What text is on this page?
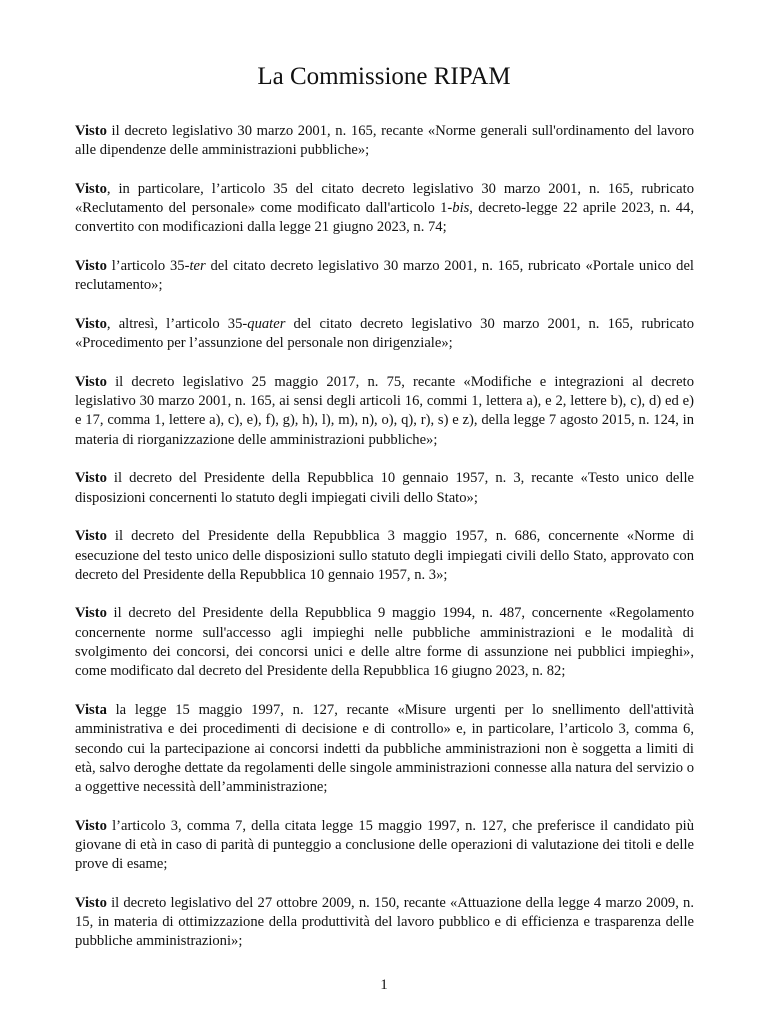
La Commissione RIPAM

Visto il decreto legislativo 30 marzo 2001, n. 165, recante «Norme generali sull'ordinamento del lavoro alle dipendenze delle amministrazioni pubbliche»;

Visto, in particolare, l’articolo 35 del citato decreto legislativo 30 marzo 2001, n. 165, rubricato «Reclutamento del personale» come modificato dall'articolo 1-bis, decreto-legge 22 aprile 2023, n. 44, convertito con modificazioni dalla legge 21 giugno 2023, n. 74;

Visto l’articolo 35-ter del citato decreto legislativo 30 marzo 2001, n. 165, rubricato «Portale unico del reclutamento»;

Visto, altresì, l’articolo 35-quater del citato decreto legislativo 30 marzo 2001, n. 165, rubricato «Procedimento per l’assunzione del personale non dirigenziale»;

Visto il decreto legislativo 25 maggio 2017, n. 75, recante «Modifiche e integrazioni al decreto legislativo 30 marzo 2001, n. 165, ai sensi degli articoli 16, commi 1, lettera a), e 2, lettere b), c), d) ed e) e 17, comma 1, lettere a), c), e), f), g), h), l), m), n), o), q), r), s) e z), della legge 7 agosto 2015, n. 124, in materia di riorganizzazione delle amministrazioni pubbliche»;

Visto il decreto del Presidente della Repubblica 10 gennaio 1957, n. 3, recante «Testo unico delle disposizioni concernenti lo statuto degli impiegati civili dello Stato»;

Visto il decreto del Presidente della Repubblica 3 maggio 1957, n. 686, concernente «Norme di esecuzione del testo unico delle disposizioni sullo statuto degli impiegati civili dello Stato, approvato con decreto del Presidente della Repubblica 10 gennaio 1957, n. 3»;

Visto il decreto del Presidente della Repubblica 9 maggio 1994, n. 487, concernente «Regolamento concernente norme sull'accesso agli impieghi nelle pubbliche amministrazioni e le modalità di svolgimento dei concorsi, dei concorsi unici e delle altre forme di assunzione nei pubblici impieghi», come modificato dal decreto del Presidente della Repubblica 16 giugno 2023, n. 82;

Vista la legge 15 maggio 1997, n. 127, recante «Misure urgenti per lo snellimento dell'attività amministrativa e dei procedimenti di decisione e di controllo» e, in particolare, l’articolo 3, comma 6, secondo cui la partecipazione ai concorsi indetti da pubbliche amministrazioni non è soggetta a limiti di età, salvo deroghe dettate da regolamenti delle singole amministrazioni connesse alla natura del servizio o a oggettive necessità dell’amministrazione;

Visto l’articolo 3, comma 7, della citata legge 15 maggio 1997, n. 127, che preferisce il candidato più giovane di età in caso di parità di punteggio a conclusione delle operazioni di valutazione dei titoli e delle prove di esame;

Visto il decreto legislativo del 27 ottobre 2009, n. 150, recante «Attuazione della legge 4 marzo 2009, n. 15, in materia di ottimizzazione della produttività del lavoro pubblico e di efficienza e trasparenza delle pubbliche amministrazioni»;

1
